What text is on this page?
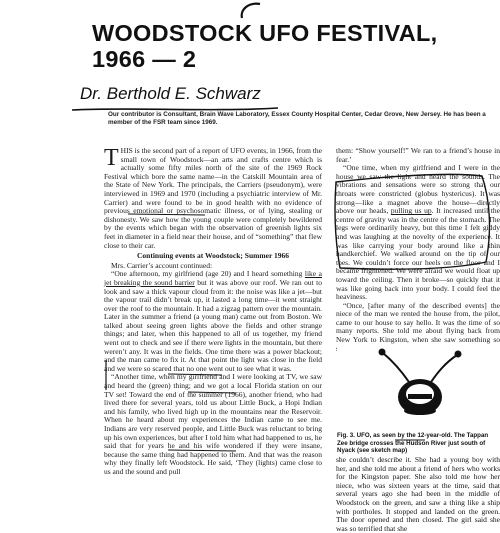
WOODSTOCK UFO FESTIVAL, 1966 — 2
Dr. Berthold E. Schwarz
Our contributor is Consultant, Brain Wave Laboratory, Essex County Hospital Center, Cedar Grove, New Jersey. He has been a member of the FSR team since 1969.

THIS is the second part of a report of UFO events, in 1966, from the small town of Woodstock—an arts and crafts centre which is actually some fifty miles north of the site of the 1969 Rock Festival which bore the same name—in the Catskill Mountain area of the State of New York. The principals, the Carriers (pseudonym), were interviewed in 1969 and 1970 (including a psychiatric interview of Mr. Carrier) and were found to be in good health with no evidence of previous emotional or psychosomatic illness, or of lying, stealing or dishonesty. We saw how the young couple were completely bewildered by the events which began with the observation of greenish lights six feet in diameter in a field near their house, and of “something” that flew close to their car.

Continuing events at Woodstock; Summer 1966

Mrs. Carrier’s account continued:

“One afternoon, my girlfriend (age 20) and I heard something like a jet breaking the sound barrier but it was above our roof. We ran out to look and saw a thick vapour cloud from it: the noise was like a jet—but the vapour trail didn’t break up, it lasted a long time—it went straight over the roof to the mountain. It had a zigzag pattern over the mountain. Later in the summer a friend (a young man) came out from Boston. We talked about seeing green lights above the fields and other strange things; and later, when this happened to all of us together, my friend went out to check and see if there were lights in the mountain, but there weren’t any. It was in the fields. One time there was a power blackout; and the man came to fix it. At that point the light was close in the field and we were so scared that no one went out to see what it was.

“Another time, when my girlfriend and I were looking at TV, we saw and heard the (green) thing; and we got a local Florida station on our TV set! Toward the end of the summer (1966), another friend, who had lived there for several years, told us about Little Buck, a Hopi Indian and his family, who lived high up in the mountains near the Reservoir. When he heard about my experiences the Indian came to see me. Indians are very reserved people, and Little Buck was reluctant to bring up his own experiences, but after I told him what had happened to us, he said that for years he and his wife wondered if they were insane, because the same thing had happened to them. And that was the reason why they finally left Woodstock. He said, ‘They (lights) came close to us and the sound and pull

them: “Show yourself!” We ran to a friend’s house in fear.’

“One time, when my girlfriend and I were in the house we saw the light and heard the sounds. The vibrations and sensations were so strong that our throats were constricted (globus hystericus). It was strong—like a magnet above the house—directly above our heads, pulling us up. It increased until the centre of gravity was in the centre of the stomach. The legs were ordinarily heavy, but this time I felt giddy and was laughing at the novelty of the experience. It was like carrying your body around like a thin handkerchief. We walked around on the tip of our toes. We couldn’t force our heels on the floor and I became frightened. We were afraid we would float up toward the ceiling. Then it broke—so quickly that it was like going back into your body. I could feel the heaviness.

“Once, [after many of the described events] the niece of the man we rented the house from, the pilot, came to our house to say hello. It was the time of so many reports. She told me about flying back from New York to Kingston, when she saw something so

Fig. 3. UFO, as seen by the 12-year-old. The Tappan Zee bridge crosses the Hudson River just south of Nyack (see sketch map)

she couldn’t describe it. She had a young boy with her, and she told me about a friend of hers who works for the Kingston paper. She also told me how her niece, who was sixteen years at the time, said that several years ago she had been in the middle of Woodstock on the green, and saw a thing like a ship with portholes. It stopped and landed on the green. The door opened and then closed. The girl said she was so terrified that she
